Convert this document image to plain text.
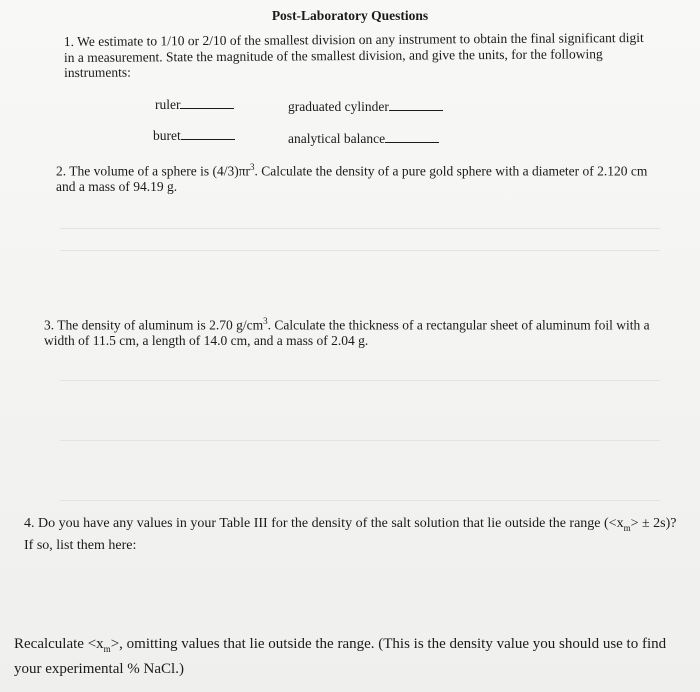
Post-Laboratory Questions
1. We estimate to 1/10 or 2/10 of the smallest division on any instrument to obtain the final significant digit in a measurement. State the magnitude of the smallest division, and give the units, for the following instruments:
ruler	graduated cylinder
buret	analytical balance
2. The volume of a sphere is $(4/3)\pi r^3$. Calculate the density of a pure gold sphere with a diameter of 2.120 cm and a mass of 94.19 g.
3. The density of aluminum is 2.70 $g/cm^3$. Calculate the thickness of a rectangular sheet of aluminum foil with a width of 11.5 cm, a length of 14.0 cm, and a mass of 2.04 g.
4. Do you have any values in your Table III for the density of the salt solution that lie outside the range $(<x_m> \pm 2s)$? If so, list them here:
Recalculate $<x_m>$, omitting values that lie outside the range. (This is the density value you should use to find your experimental % NaCl.)
